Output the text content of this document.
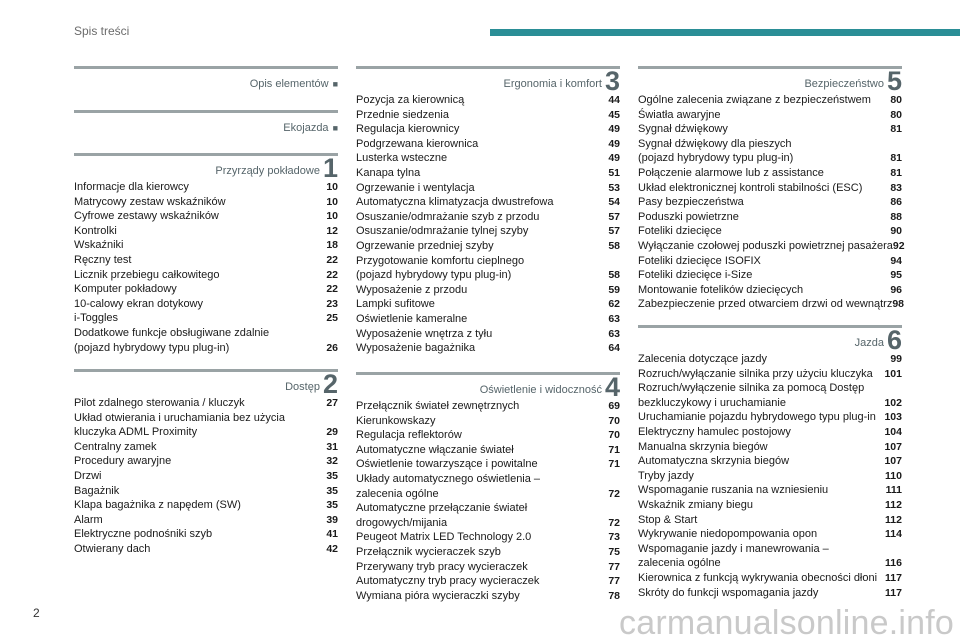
Spis treści
Opis elementów ■
Ekojazda ■
Przyrządy pokładowe 1
Informacje dla kierowcy	10
Matrycowy zestaw wskaźników	10
Cyfrowe zestawy wskaźników	10
Kontrolki	12
Wskaźniki	18
Ręczny test	22
Licznik przebiegu całkowitego	22
Komputer pokładowy	22
10-calowy ekran dotykowy	23
i-Toggles	25
Dodatkowe funkcje obsługiwane zdalnie
(pojazd hybrydowy typu plug-in)	26
Dostęp 2
Pilot zdalnego sterowania / kluczyk	27
Układ otwierania i uruchamiania bez użycia
kluczyka ADML Proximity	29
Centralny zamek	31
Procedury awaryjne	32
Drzwi	35
Bagażnik	35
Klapa bagażnika z napędem (SW)	35
Alarm	39
Elektryczne podnośniki szyb	41
Otwierany dach	42
Ergonomia i komfort 3
Pozycja za kierownicą	44
Przednie siedzenia	45
Regulacja kierownicy	49
Podgrzewana kierownica	49
Lusterka wsteczne	49
Kanapa tylna	51
Ogrzewanie i wentylacja	53
Automatyczna klimatyzacja dwustrefowa	54
Osuszanie/odmrażanie szyb z przodu	57
Osuszanie/odmrażanie tylnej szyby	57
Ogrzewanie przedniej szyby	58
Przygotowanie komfortu cieplnego
(pojazd hybrydowy typu plug-in)	58
Wyposażenie z przodu	59
Lampki sufitowe	62
Oświetlenie kameralne	63
Wyposażenie wnętrza z tyłu	63
Wyposażenie bagażnika	64
Oświetlenie i widoczność 4
Przełącznik świateł zewnętrznych	69
Kierunkowskazy	70
Regulacja reflektorów	70
Automatyczne włączanie świateł	71
Oświetlenie towarzyszące i powitalne	71
Układy automatycznego oświetlenia –
zalecenia ogólne	72
Automatyczne przełączanie świateł
drogowych/mijania	72
Peugeot Matrix LED Technology 2.0	73
Przełącznik wycieraczek szyb	75
Przerywany tryb pracy wycieraczek	77
Automatyczny tryb pracy wycieraczek	77
Wymiana pióra wycieraczki szyby	78
Bezpieczeństwo 5
Ogólne zalecenia związane z bezpieczeństwem 80
Światła awaryjne	80
Sygnał dźwiękowy	81
Sygnał dźwiękowy dla pieszych
(pojazd hybrydowy typu plug-in)	81
Połączenie alarmowe lub z assistance	81
Układ elektronicznej kontroli stabilności (ESC)	83
Pasy bezpieczeństwa	86
Poduszki powietrzne	88
Foteliki dziecięce	90
Wyłączanie czołowej poduszki powietrznej pasażera 92
Foteliki dziecięce ISOFIX	94
Foteliki dziecięce i-Size	95
Montowanie fotelików dziecięcych	96
Zabezpieczenie przed otwarciem drzwi od wewnątrz 98
Jazda 6
Zalecenia dotyczące jazdy	99
Rozruch/wyłączanie silnika przy użyciu kluczyka 101
Rozruch/wyłączenie silnika za pomocą Dostęp
bezkluczykowy i uruchamianie	102
Uruchamianie pojazdu hybrydowego typu plug-in 103
Elektryczny hamulec postojowy	104
Manualna skrzynia biegów	107
Automatyczna skrzynia biegów	107
Tryby jazdy	110
Wspomaganie ruszania na wzniesieniu	111
Wskaźnik zmiany biegu	112
Stop & Start	112
Wykrywanie niedopompowania opon	114
Wspomaganie jazdy i manewrowania –
zalecenia ogólne	116
Kierownica z funkcją wykrywania obecności dłoni 117
Skróty do funkcji wspomagania jazdy	117
2	carmanualsonline.info
